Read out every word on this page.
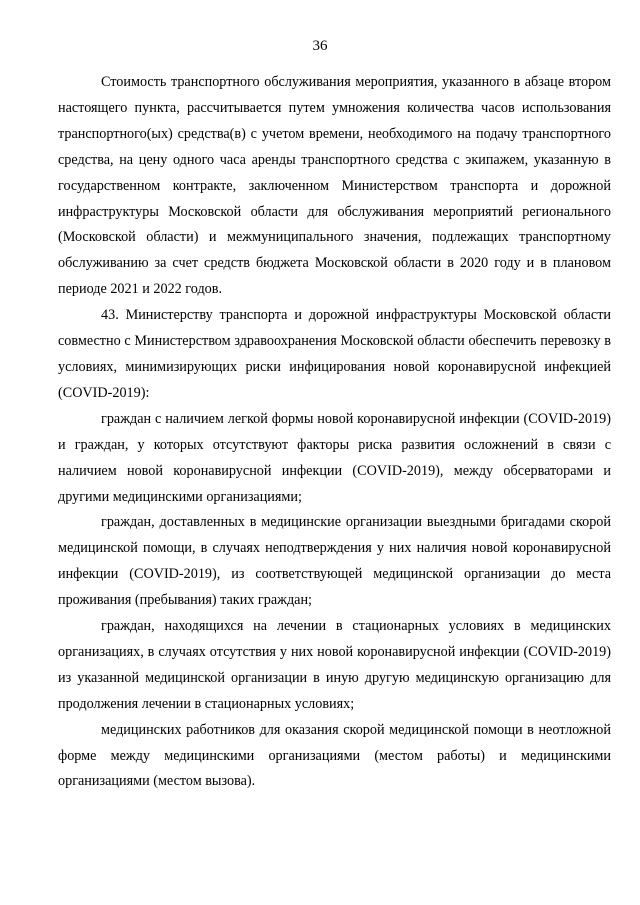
36

Стоимость транспортного обслуживания мероприятия, указанного в абзаце втором настоящего пункта, рассчитывается путем умножения количества часов использования транспортного(ых) средства(в) с учетом времени, необходимого на подачу транспортного средства, на цену одного часа аренды транспортного средства с экипажем, указанную в государственном контракте, заключенном Министерством транспорта и дорожной инфраструктуры Московской области для обслуживания мероприятий регионального (Московской области) и межмуниципального значения, подлежащих транспортному обслуживанию за счет средств бюджета Московской области в 2020 году и в плановом периоде 2021 и 2022 годов.

43. Министерству транспорта и дорожной инфраструктуры Московской области совместно с Министерством здравоохранения Московской области обеспечить перевозку в условиях, минимизирующих риски инфицирования новой коронавирусной инфекцией (COVID-2019):

граждан с наличием легкой формы новой коронавирусной инфекции (COVID-2019) и граждан, у которых отсутствуют факторы риска развития осложнений в связи с наличием новой коронавирусной инфекции (COVID-2019), между обсерваторами и другими медицинскими организациями;

граждан, доставленных в медицинские организации выездными бригадами скорой медицинской помощи, в случаях неподтверждения у них наличия новой коронавирусной инфекции (COVID-2019), из соответствующей медицинской организации до места проживания (пребывания) таких граждан;

граждан, находящихся на лечении в стационарных условиях в медицинских организациях, в случаях отсутствия у них новой коронавирусной инфекции (COVID-2019) из указанной медицинской организации в иную другую медицинскую организацию для продолжения лечении в стационарных условиях;

медицинских работников для оказания скорой медицинской помощи в неотложной форме между медицинскими организациями (местом работы) и медицинскими организациями (местом вызова).
